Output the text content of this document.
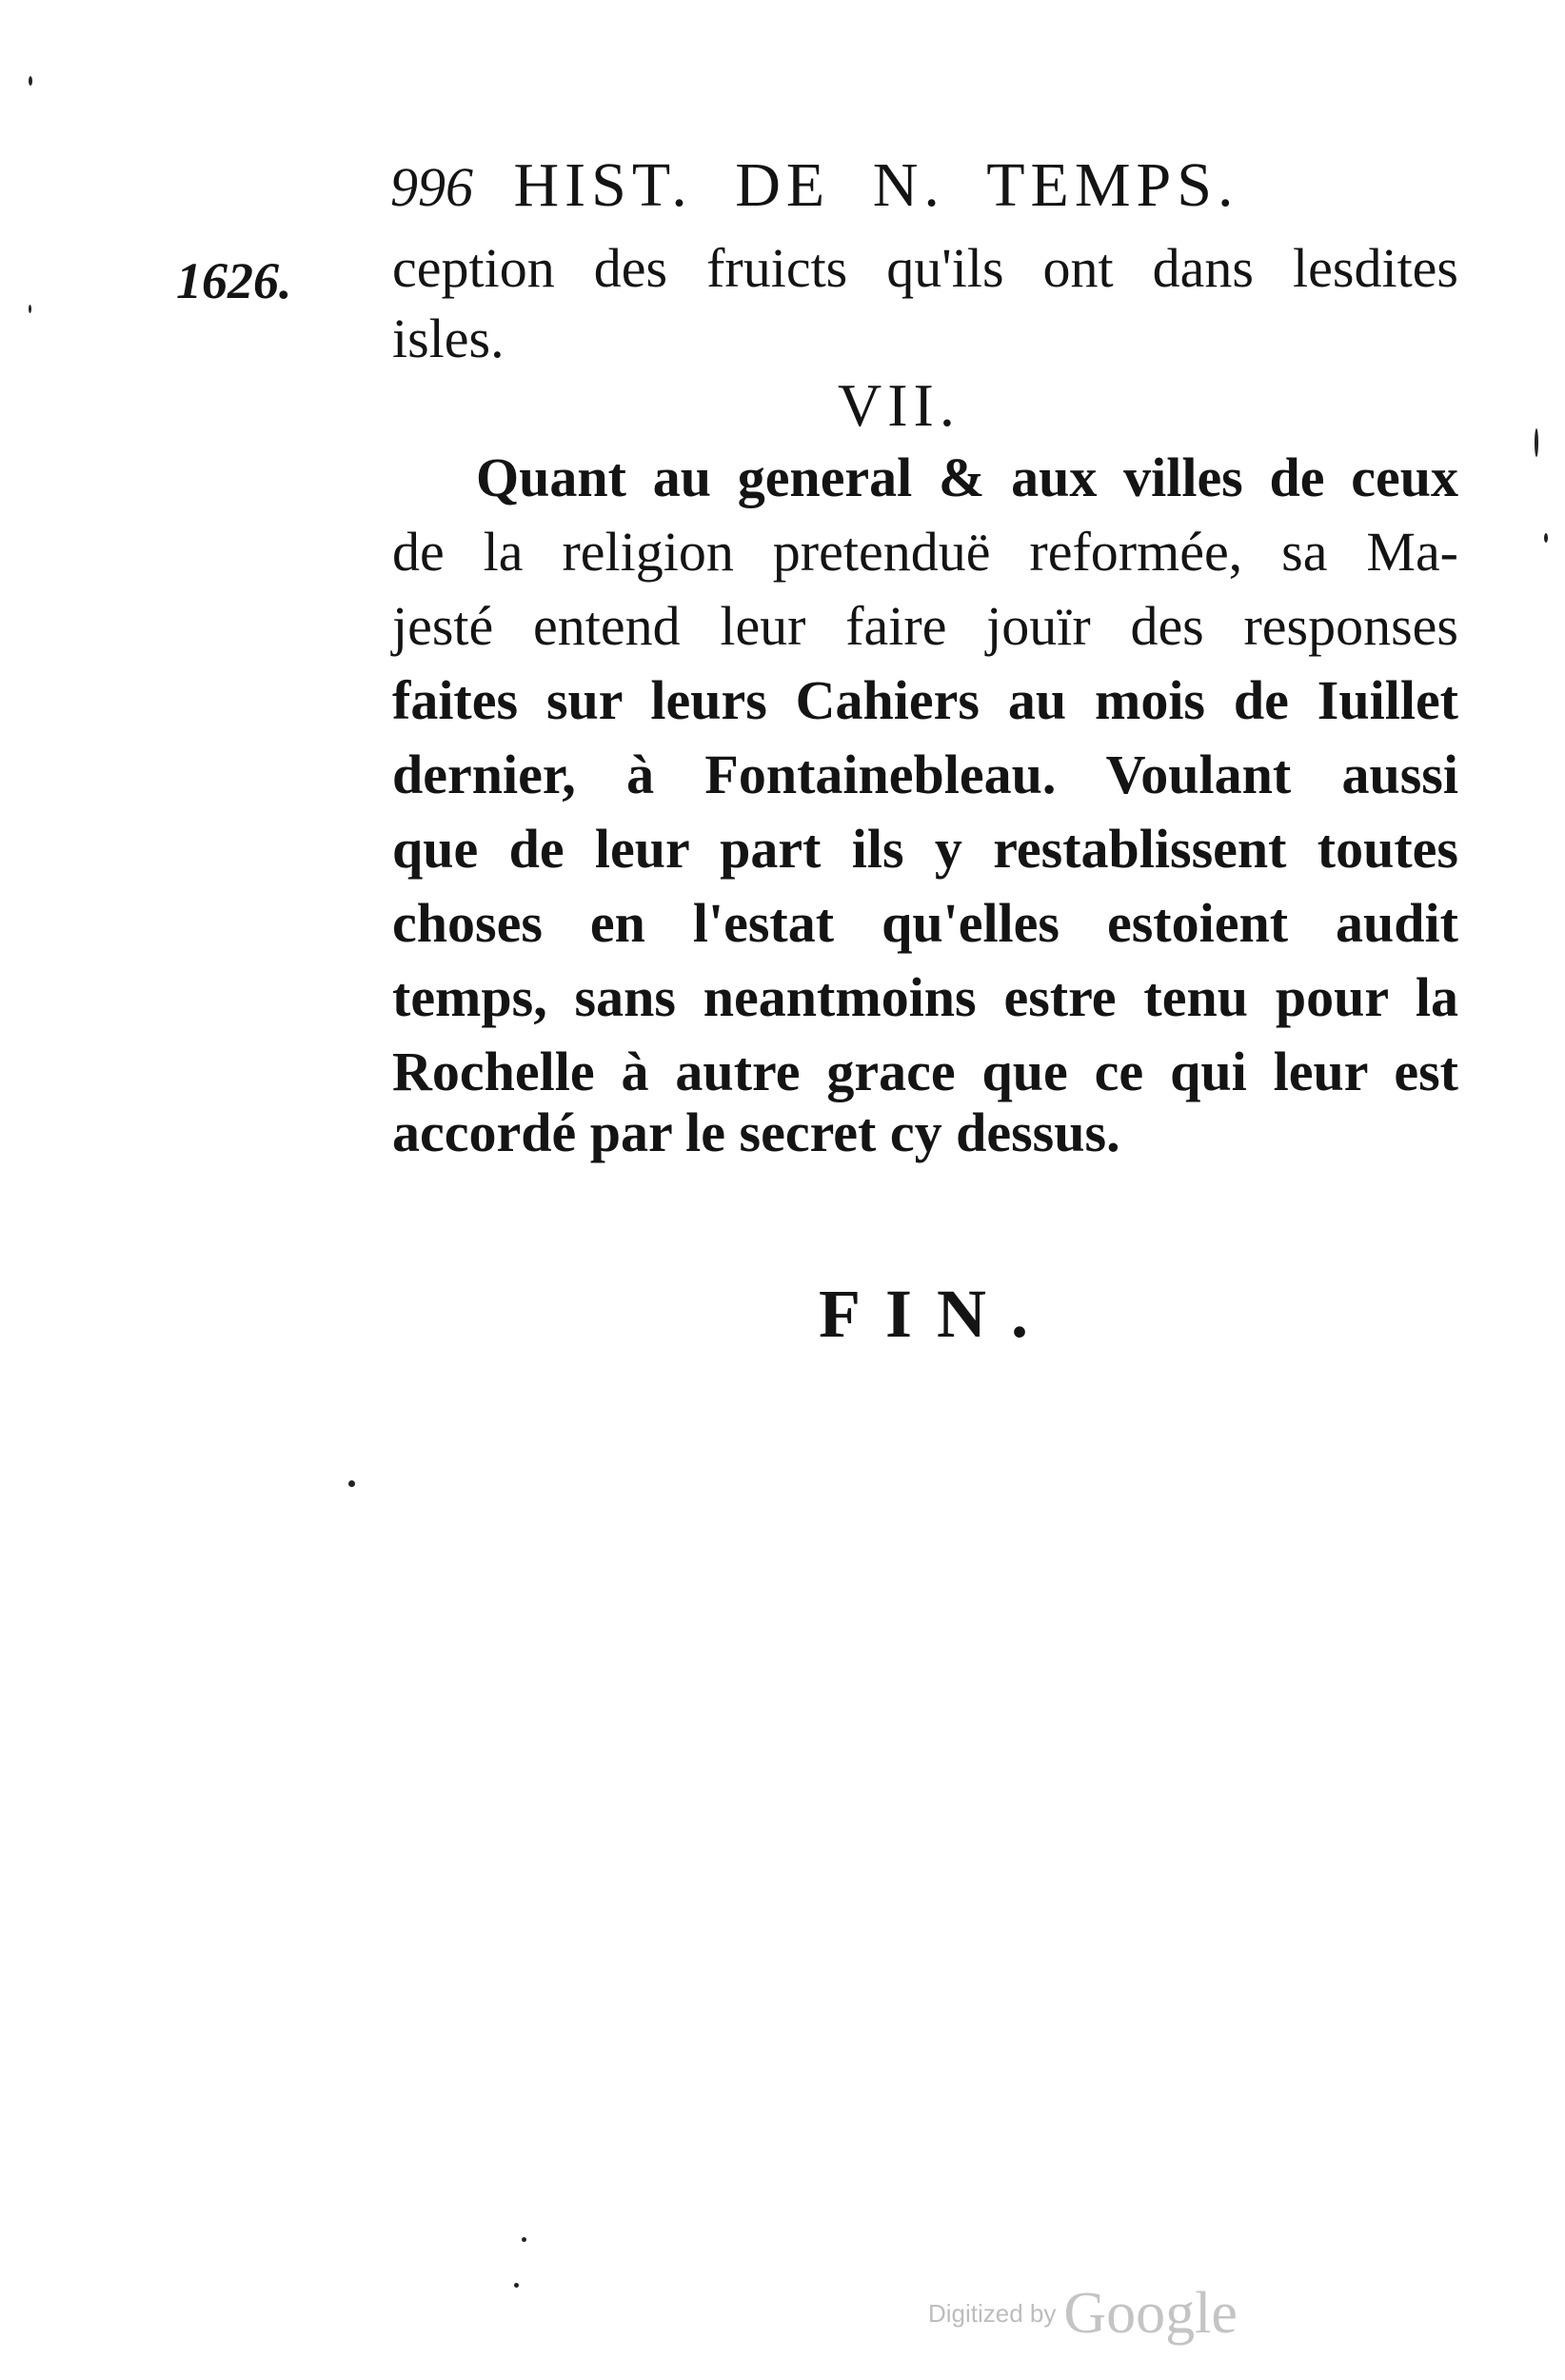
996 HIST. DE N. TEMPS.
1626. ception des fruicts qu'ils ont dans lesdites
isles.
VII.
Quant au general & aux villes de ceux
de la religion pretenduë reformée, sa Ma-
jesté entend leur faire jouïr des responses
faites sur leurs Cahiers au mois de Iuillet
dernier, à Fontainebleau. Voulant aussi
que de leur part ils y restablissent toutes
choses en l'estat qu'elles estoient audit
temps, sans neantmoins estre tenu pour la
Rochelle à autre grace que ce qui leur est
accordé par le secret cy dessus.
FIN.
Digitized by Google
